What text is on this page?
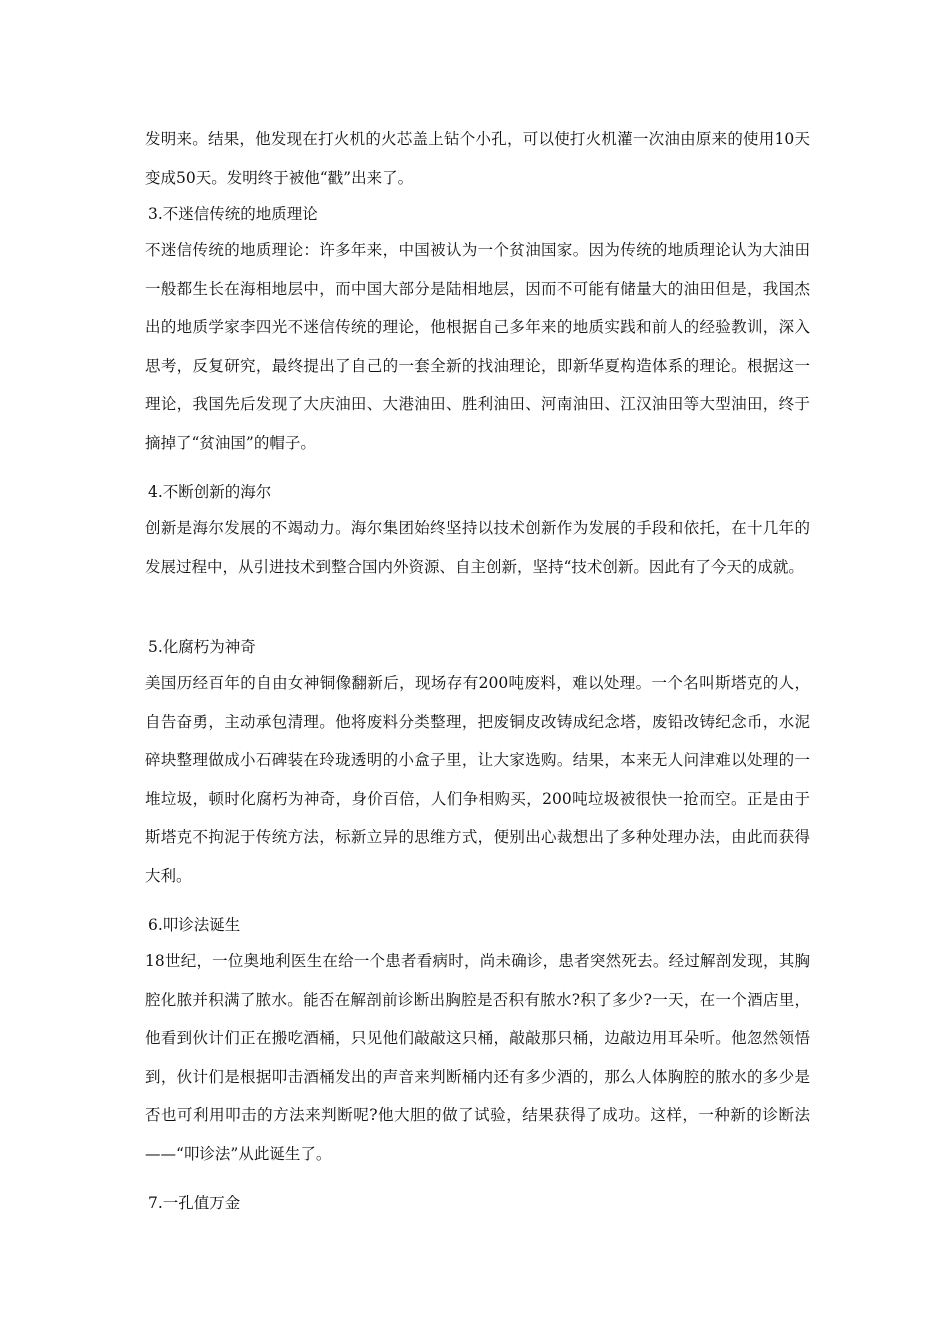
发明来。结果，他发现在打火机的火芯盖上钻个小孔，可以使打火机灌一次油由原来的使用10天变成50天。发明终于被他“戳”出来了。

3.不迷信传统的地质理论

不迷信传统的地质理论：许多年来，中国被认为一个贫油国家。因为传统的地质理论认为大油田一般都生长在海相地层中，而中国大部分是陆相地层，因而不可能有储量大的油田但是，我国杰出的地质学家李四光不迷信传统的理论，他根据自己多年来的地质实践和前人的经验教训，深入思考，反复研究，最终提出了自己的一套全新的找油理论，即新华夏构造体系的理论。根据这一理论，我国先后发现了大庆油田、大港油田、胜利油田、河南油田、江汉油田等大型油田，终于摘掉了“贫油国”的帽子。

4.不断创新的海尔

创新是海尔发展的不竭动力。海尔集团始终坚持以技术创新作为发展的手段和依托，在十几年的发展过程中，从引进技术到整合国内外资源、自主创新，坚持“技术创新。因此有了今天的成就。

5.化腐朽为神奇

美国历经百年的自由女神铜像翻新后，现场存有200吨废料，难以处理。一个名叫斯塔克的人，自告奋勇，主动承包清理。他将废料分类整理，把废铜皮改铸成纪念塔，废铅改铸纪念币，水泥碎块整理做成小石碑装在玲珑透明的小盒子里，让大家选购。结果，本来无人问津难以处理的一堆垃圾，顿时化腐朽为神奇，身价百倍，人们争相购买，200吨垃圾被很快一抢而空。正是由于斯塔克不拘泥于传统方法，标新立异的思维方式，便别出心裁想出了多种处理办法，由此而获得大利。

6.叩诊法诞生

18世纪，一位奥地利医生在给一个患者看病时，尚未确诊，患者突然死去。经过解剖发现，其胸腔化脓并积满了脓水。能否在解剖前诊断出胸腔是否积有脓水?积了多少?一天，在一个酒店里，他看到伙计们正在搬吃酒桶，只见他们敲敲这只桶，敲敲那只桶，边敲边用耳朵听。他忽然领悟到，伙计们是根据叩击酒桶发出的声音来判断桶内还有多少酒的，那么人体胸腔的脓水的多少是否也可利用叩击的方法来判断呢?他大胆的做了试验，结果获得了成功。这样，一种新的诊断法——“叩诊法”从此诞生了。

7.一孔值万金
